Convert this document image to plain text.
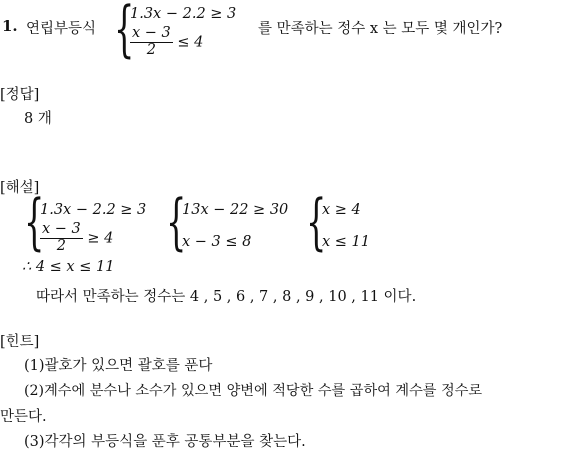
1. 연립부등식 {
1.3x − 2.2 ≥ 3
$\frac{x - 3}{2} \le 4$
를 만족하는 정수 x 는 모두 몇 개인가?
[정답]
8 개
[해설]
{
1.3x − 2.2 ≥ 3
$\frac{x - 3}{2} \ge 4$ {
13x − 22 ≥ 30
x − 3 ≤ 8 {
x ≥ 4
x ≤ 11
∴ 4 ≤ x ≤ 11
따라서 만족하는 정수는 4 , 5 , 6 , 7 , 8 , 9 , 10 , 11 이다.
[힌트]
(1)괄호가 있으면 괄호를 푼다
(2)계수에 분수나 소수가 있으면 양변에 적당한 수를 곱하여 계수를 정수로
만든다.
(3)각각의 부등식을 푼후 공통부분을 찾는다.
